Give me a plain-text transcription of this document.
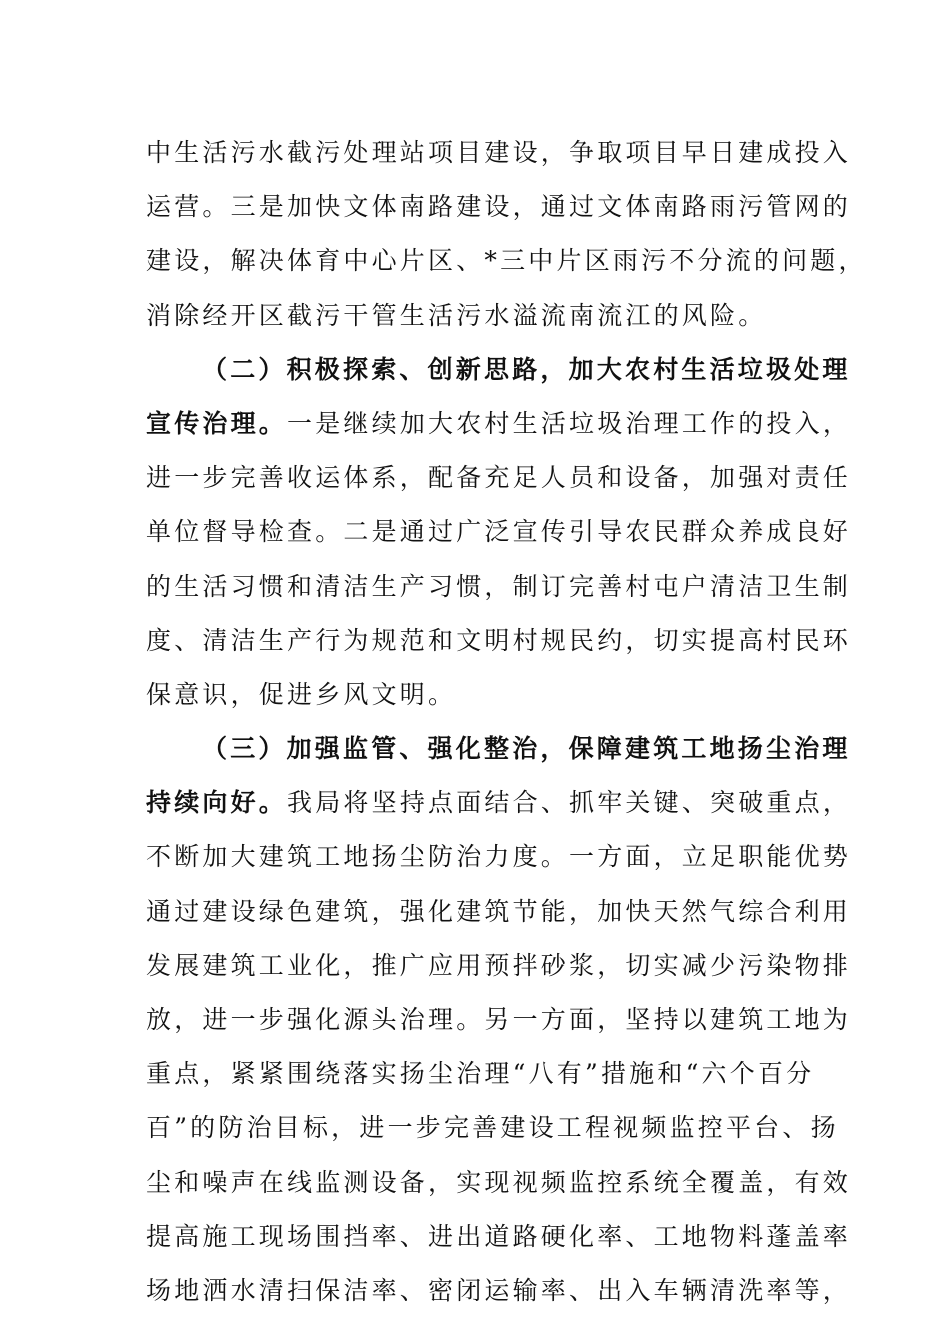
中生活污水截污处理站项目建设，争取项目早日建成投入
运营。三是加快文体南路建设，通过文体南路雨污管网的
建设，解决体育中心片区、*三中片区雨污不分流的问题，
消除经开区截污干管生活污水溢流南流江的风险。
（二）积极探索、创新思路，加大农村生活垃圾处理
宣传治理。一是继续加大农村生活垃圾治理工作的投入，
进一步完善收运体系，配备充足人员和设备，加强对责任
单位督导检查。二是通过广泛宣传引导农民群众养成良好
的生活习惯和清洁生产习惯，制订完善村屯户清洁卫生制
度、清洁生产行为规范和文明村规民约，切实提高村民环
保意识，促进乡风文明。
（三）加强监管、强化整治，保障建筑工地扬尘治理
持续向好。我局将坚持点面结合、抓牢关键、突破重点，
不断加大建筑工地扬尘防治力度。一方面，立足职能优势
通过建设绿色建筑，强化建筑节能，加快天然气综合利用
发展建筑工业化，推广应用预拌砂浆，切实减少污染物排
放，进一步强化源头治理。另一方面，坚持以建筑工地为
重点，紧紧围绕落实扬尘治理“八有”措施和“六个百分
百”的防治目标，进一步完善建设工程视频监控平台、扬
尘和噪声在线监测设备，实现视频监控系统全覆盖，有效
提高施工现场围挡率、进出道路硬化率、工地物料蓬盖率
场地洒水清扫保洁率、密闭运输率、出入车辆清洗率等，
